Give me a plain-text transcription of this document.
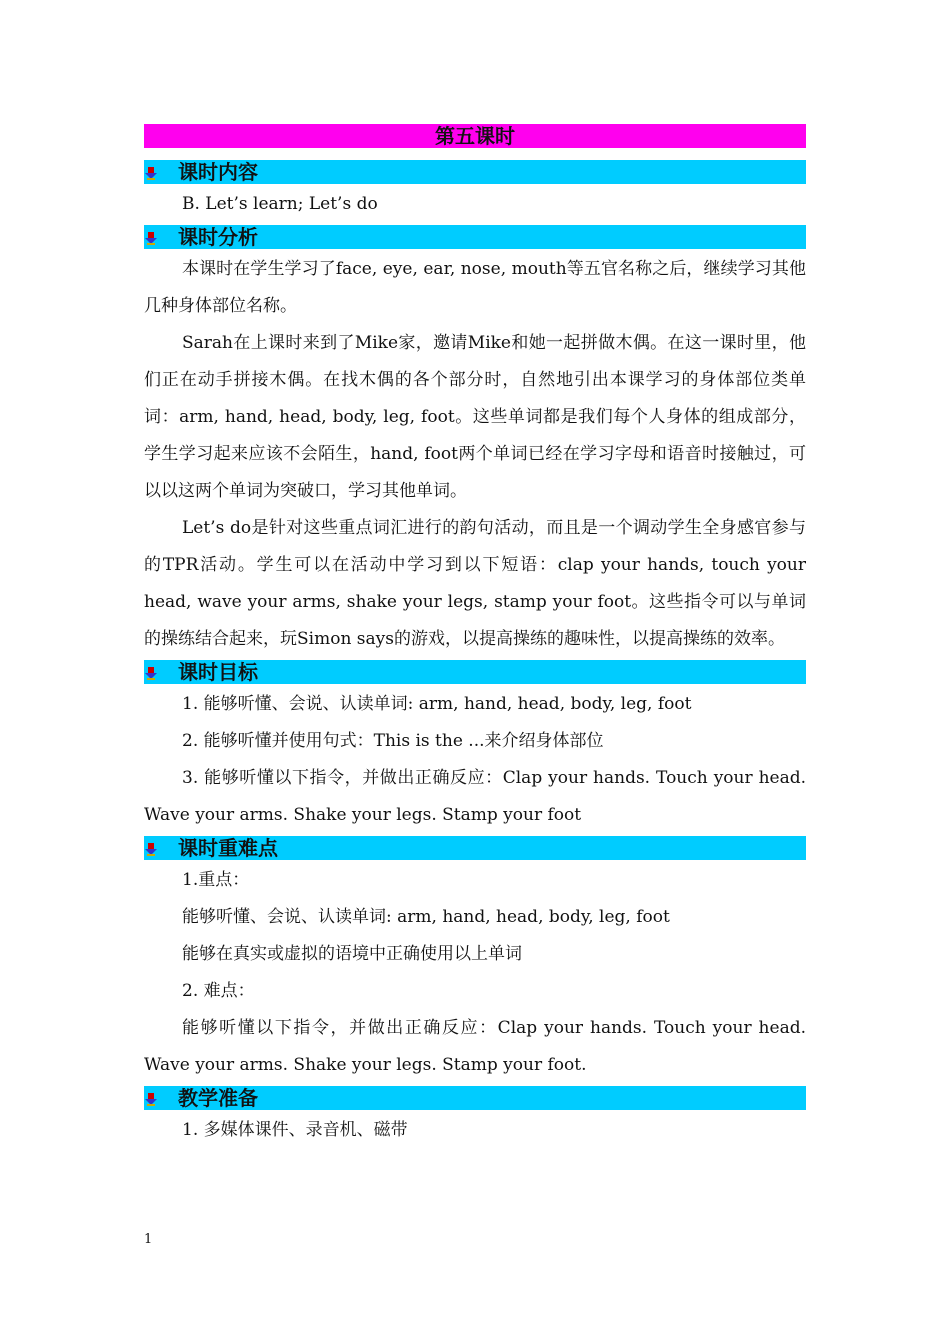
第五课时
课时内容

B. Let’s learn; Let’s do

课时分析

本课时在学生学习了face, eye, ear, nose, mouth等五官名称之后，继续学习其他几种身体部位名称。

Sarah在上课时来到了Mike家，邀请Mike和她一起拼做木偶。在这一课时里，他们正在动手拼接木偶。在找木偶的各个部分时，自然地引出本课学习的身体部位类单词：arm, hand, head, body, leg, foot。这些单词都是我们每个人身体的组成部分，学生学习起来应该不会陌生，hand, foot两个单词已经在学习字母和语音时接触过，可以以这两个单词为突破口，学习其他单词。

Let’s do是针对这些重点词汇进行的韵句活动，而且是一个调动学生全身感官参与的TPR活动。学生可以在活动中学习到以下短语：clap your hands, touch your head, wave your arms, shake your legs, stamp your foot。这些指令可以与单词的操练结合起来，玩Simon says的游戏，以提高操练的趣味性，以提高操练的效率。

课时目标

1. 能够听懂、会说、认读单词: arm, hand, head, body, leg, foot

2. 能够听懂并使用句式：This is the ...来介绍身体部位

3. 能够听懂以下指令，并做出正确反应：Clap your hands. Touch your head. Wave your arms. Shake your legs. Stamp your foot

课时重难点

1.重点：

能够听懂、会说、认读单词: arm, hand, head, body, leg, foot

能够在真实或虚拟的语境中正确使用以上单词

2. 难点：

能够听懂以下指令，并做出正确反应：Clap your hands. Touch your head. Wave your arms. Shake your legs. Stamp your foot.

教学准备

1. 多媒体课件、录音机、磁带

1
